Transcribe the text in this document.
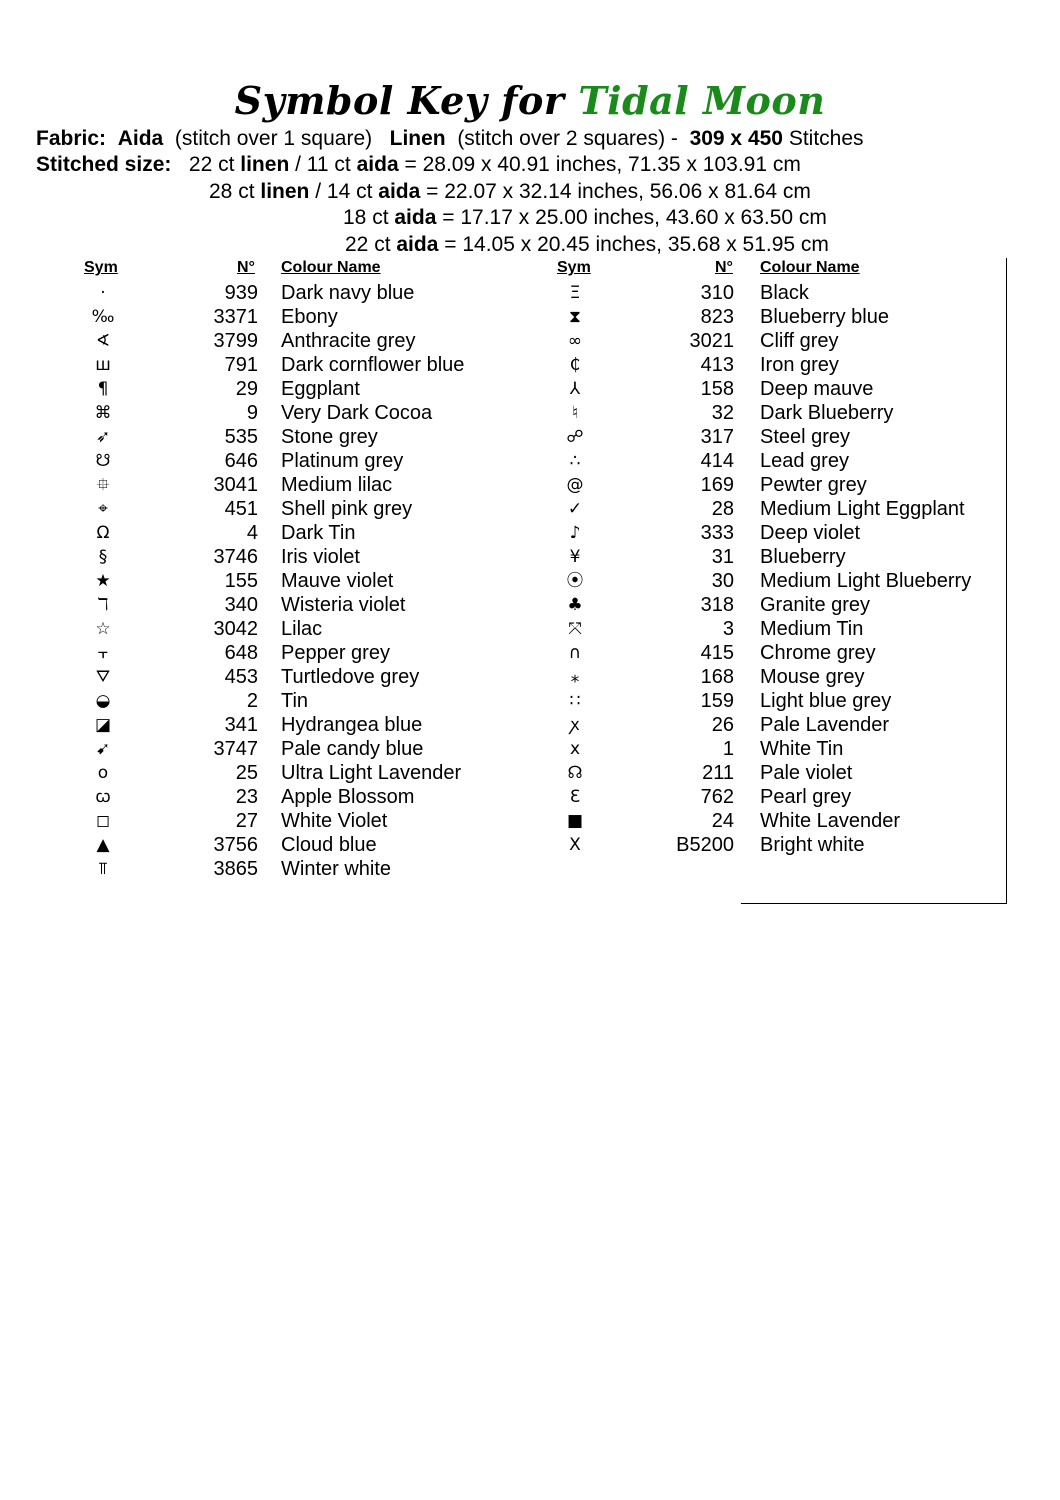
Symbol Key for Tidal Moon
Fabric: Aida (stitch over 1 square) Linen (stitch over 2 squares) - 309 x 450 Stitches
Stitched size: 22 ct linen / 11 ct aida = 28.09 x 40.91 inches, 71.35 x 103.91 cm
28 ct linen / 14 ct aida = 22.07 x 32.14 inches, 56.06 x 81.64 cm
18 ct aida = 17.17 x 25.00 inches, 43.60 x 63.50 cm
22 ct aida = 14.05 x 20.45 inches, 35.68 x 51.95 cm
Sym	N° Colour Name	Sym	N° Colour Name
·	939 Dark navy blue
‰	3371 Ebony
∢	3799 Anthracite grey
ш	791 Dark cornflower blue
¶	29 Eggplant
⌘	9 Very Dark Cocoa
➶	535 Stone grey
☋	646 Platinum grey
⯐	3041 Medium lilac
⌖	451 Shell pink grey
Ω	4 Dark Tin
§	3746 Iris violet
★	155 Mauve violet
ℸ	340 Wisteria violet
☆	3042 Lilac
⫟	648 Pepper grey
⛛	453 Turtledove grey
◒	2 Tin
◪	341 Hydrangea blue
➹	3747 Pale candy blue
o	25 Ultra Light Lavender
ꞷ	23 Apple Blossom
◻	27 White Violet
▲	3756 Cloud blue
⫪	3865 Winter white
Ξ	310 Black
⧗	823 Blueberry blue
∞	3021 Cliff grey
₵	413 Iron grey
⅄	158 Deep mauve
♮	32 Dark Blueberry
☍	317 Steel grey
∴	414 Lead grey
@	169 Pewter grey
✓	28 Medium Light Eggplant
♪	333 Deep violet
¥	31 Blueberry
⦿	30 Medium Light Blueberry
♣	318 Granite grey
⤧	3 Medium Tin
∩	415 Chrome grey
⁎	168 Mouse grey
∷	159 Light blue grey
ꭗ	26 Pale Lavender
x	1 White Tin
☊	211 Pale violet
Ɛ	762 Pearl grey
■	24 White Lavender
X	B5200 Bright white
